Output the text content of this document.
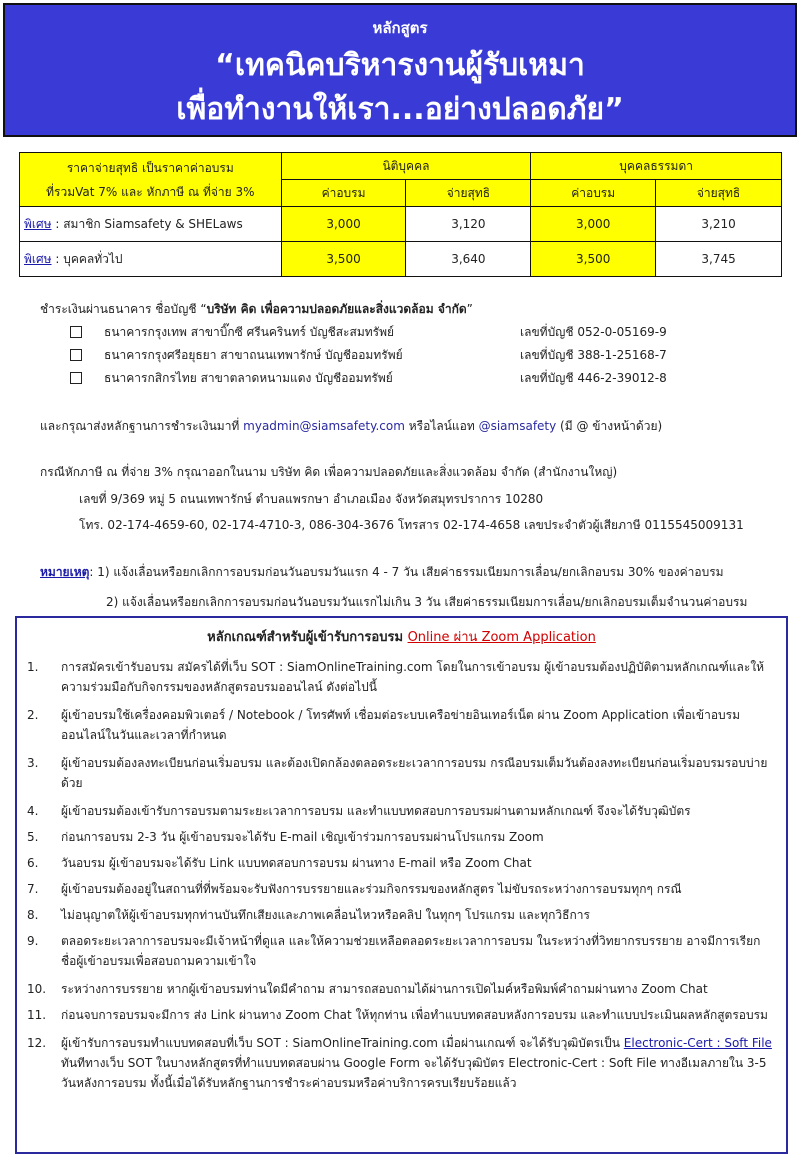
หลักสูตร
“เทคนิคบริหารงานผู้รับเหมา
เพื่อทำงานให้เรา...อย่างปลอดภัย”
ราคาจ่ายสุทธิ เป็นราคาค่าอบรม
ที่รวมVat 7% และ หักภาษี ณ ที่จ่าย 3%	นิติบุคคล		บุคคลธรรมดา	
	ค่าอบรม	จ่ายสุทธิ	ค่าอบรม	จ่ายสุทธิ
พิเศษ : สมาชิก Siamsafety & SHELaws	3,000	3,120	3,000	3,210
พิเศษ : บุคคลทั่วไป	3,500	3,640	3,500	3,745
ชำระเงินผ่านธนาคาร ชื่อบัญชี “บริษัท คิด เพื่อความปลอดภัยและสิ่งแวดล้อม จำกัด”
ธนาคารกรุงเทพ สาขาบิ๊กซี ศรีนครินทร์ บัญชีสะสมทรัพย์	เลขที่บัญชี 052-0-05169-9
ธนาคารกรุงศรีอยุธยา สาขาถนนเทพารักษ์ บัญชีออมทรัพย์	เลขที่บัญชี 388-1-25168-7
ธนาคารกสิกรไทย สาขาตลาดหนามแดง บัญชีออมทรัพย์	เลขที่บัญชี 446-2-39012-8
และกรุณาส่งหลักฐานการชำระเงินมาที่ myadmin@siamsafety.com หรือไลน์แอท @siamsafety (มี @ ข้างหน้าด้วย)
กรณีหักภาษี ณ ที่จ่าย 3% กรุณาออกในนาม บริษัท คิด เพื่อความปลอดภัยและสิ่งแวดล้อม จำกัด (สำนักงานใหญ่)
เลขที่ 9/369 หมู่ 5 ถนนเทพารักษ์ ตำบลแพรกษา อำเภอเมือง จังหวัดสมุทรปราการ 10280
โทร. 02-174-4659-60, 02-174-4710-3, 086-304-3676 โทรสาร 02-174-4658 เลขประจำตัวผู้เสียภาษี 0115545009131
หมายเหตุ: 1) แจ้งเลื่อนหรือยกเลิกการอบรมก่อนวันอบรมวันแรก 4 - 7 วัน เสียค่าธรรมเนียมการเลื่อน/ยกเลิกอบรม 30% ของค่าอบรม
2) แจ้งเลื่อนหรือยกเลิกการอบรมก่อนวันอบรมวันแรกไม่เกิน 3 วัน เสียค่าธรรมเนียมการเลื่อน/ยกเลิกอบรมเต็มจำนวนค่าอบรม
หลักเกณฑ์สำหรับผู้เข้ารับการอบรม Online ผ่าน Zoom Application
1. การสมัครเข้ารับอบรม สมัครได้ที่เว็บ SOT : SiamOnlineTraining.com โดยในการเข้าอบรม ผู้เข้าอบรมต้องปฏิบัติตามหลักเกณฑ์และให้ความร่วมมือกับกิจกรรมของหลักสูตรอบรมออนไลน์ ดังต่อไปนี้
2. ผู้เข้าอบรมใช้เครื่องคอมพิวเตอร์ / Notebook / โทรศัพท์ เชื่อมต่อระบบเครือข่ายอินเทอร์เน็ต ผ่าน Zoom Application เพื่อเข้าอบรมออนไลน์ในวันและเวลาที่กำหนด
3. ผู้เข้าอบรมต้องลงทะเบียนก่อนเริ่มอบรม และต้องเปิดกล้องตลอดระยะเวลาการอบรม กรณีอบรมเต็มวันต้องลงทะเบียนก่อนเริ่มอบรมรอบบ่ายด้วย
4. ผู้เข้าอบรมต้องเข้ารับการอบรมตามระยะเวลาการอบรม และทำแบบทดสอบการอบรมผ่านตามหลักเกณฑ์ จึงจะได้รับวุฒิบัตร
5. ก่อนการอบรม 2-3 วัน ผู้เข้าอบรมจะได้รับ E-mail เชิญเข้าร่วมการอบรมผ่านโปรแกรม Zoom
6. วันอบรม ผู้เข้าอบรมจะได้รับ Link แบบทดสอบการอบรม ผ่านทาง E-mail หรือ Zoom Chat
7. ผู้เข้าอบรมต้องอยู่ในสถานที่ที่พร้อมจะรับฟังการบรรยายและร่วมกิจกรรมของหลักสูตร ไม่ขับรถระหว่างการอบรมทุกๆ กรณี
8. ไม่อนุญาตให้ผู้เข้าอบรมทุกท่านบันทึกเสียงและภาพเคลื่อนไหวหรือคลิป ในทุกๆ โปรแกรม และทุกวิธีการ
9. ตลอดระยะเวลาการอบรมจะมีเจ้าหน้าที่ดูแล และให้ความช่วยเหลือตลอดระยะเวลาการอบรม ในระหว่างที่วิทยากรบรรยาย อาจมีการเรียกชื่อผู้เข้าอบรมเพื่อสอบถามความเข้าใจ
10. ระหว่างการบรรยาย หากผู้เข้าอบรมท่านใดมีคำถาม สามารถสอบถามได้ผ่านการเปิดไมค์หรือพิมพ์คำถามผ่านทาง Zoom Chat
11. ก่อนจบการอบรมจะมีการ ส่ง Link ผ่านทาง Zoom Chat ให้ทุกท่าน เพื่อทำแบบทดสอบหลังการอบรม และทำแบบประเมินผลหลักสูตรอบรม
12. ผู้เข้ารับการอบรมทำแบบทดสอบที่เว็บ SOT : SiamOnlineTraining.com เมื่อผ่านเกณฑ์ จะได้รับวุฒิบัตรเป็น Electronic-Cert : Soft File ทันทีทางเว็บ SOT ในบางหลักสูตรที่ทำแบบทดสอบผ่าน Google Form จะได้รับวุฒิบัตร Electronic-Cert : Soft File ทางอีเมลภายใน 3-5 วันหลังการอบรม ทั้งนี้เมื่อได้รับหลักฐานการชำระค่าอบรมหรือค่าบริการครบเรียบร้อยแล้ว
